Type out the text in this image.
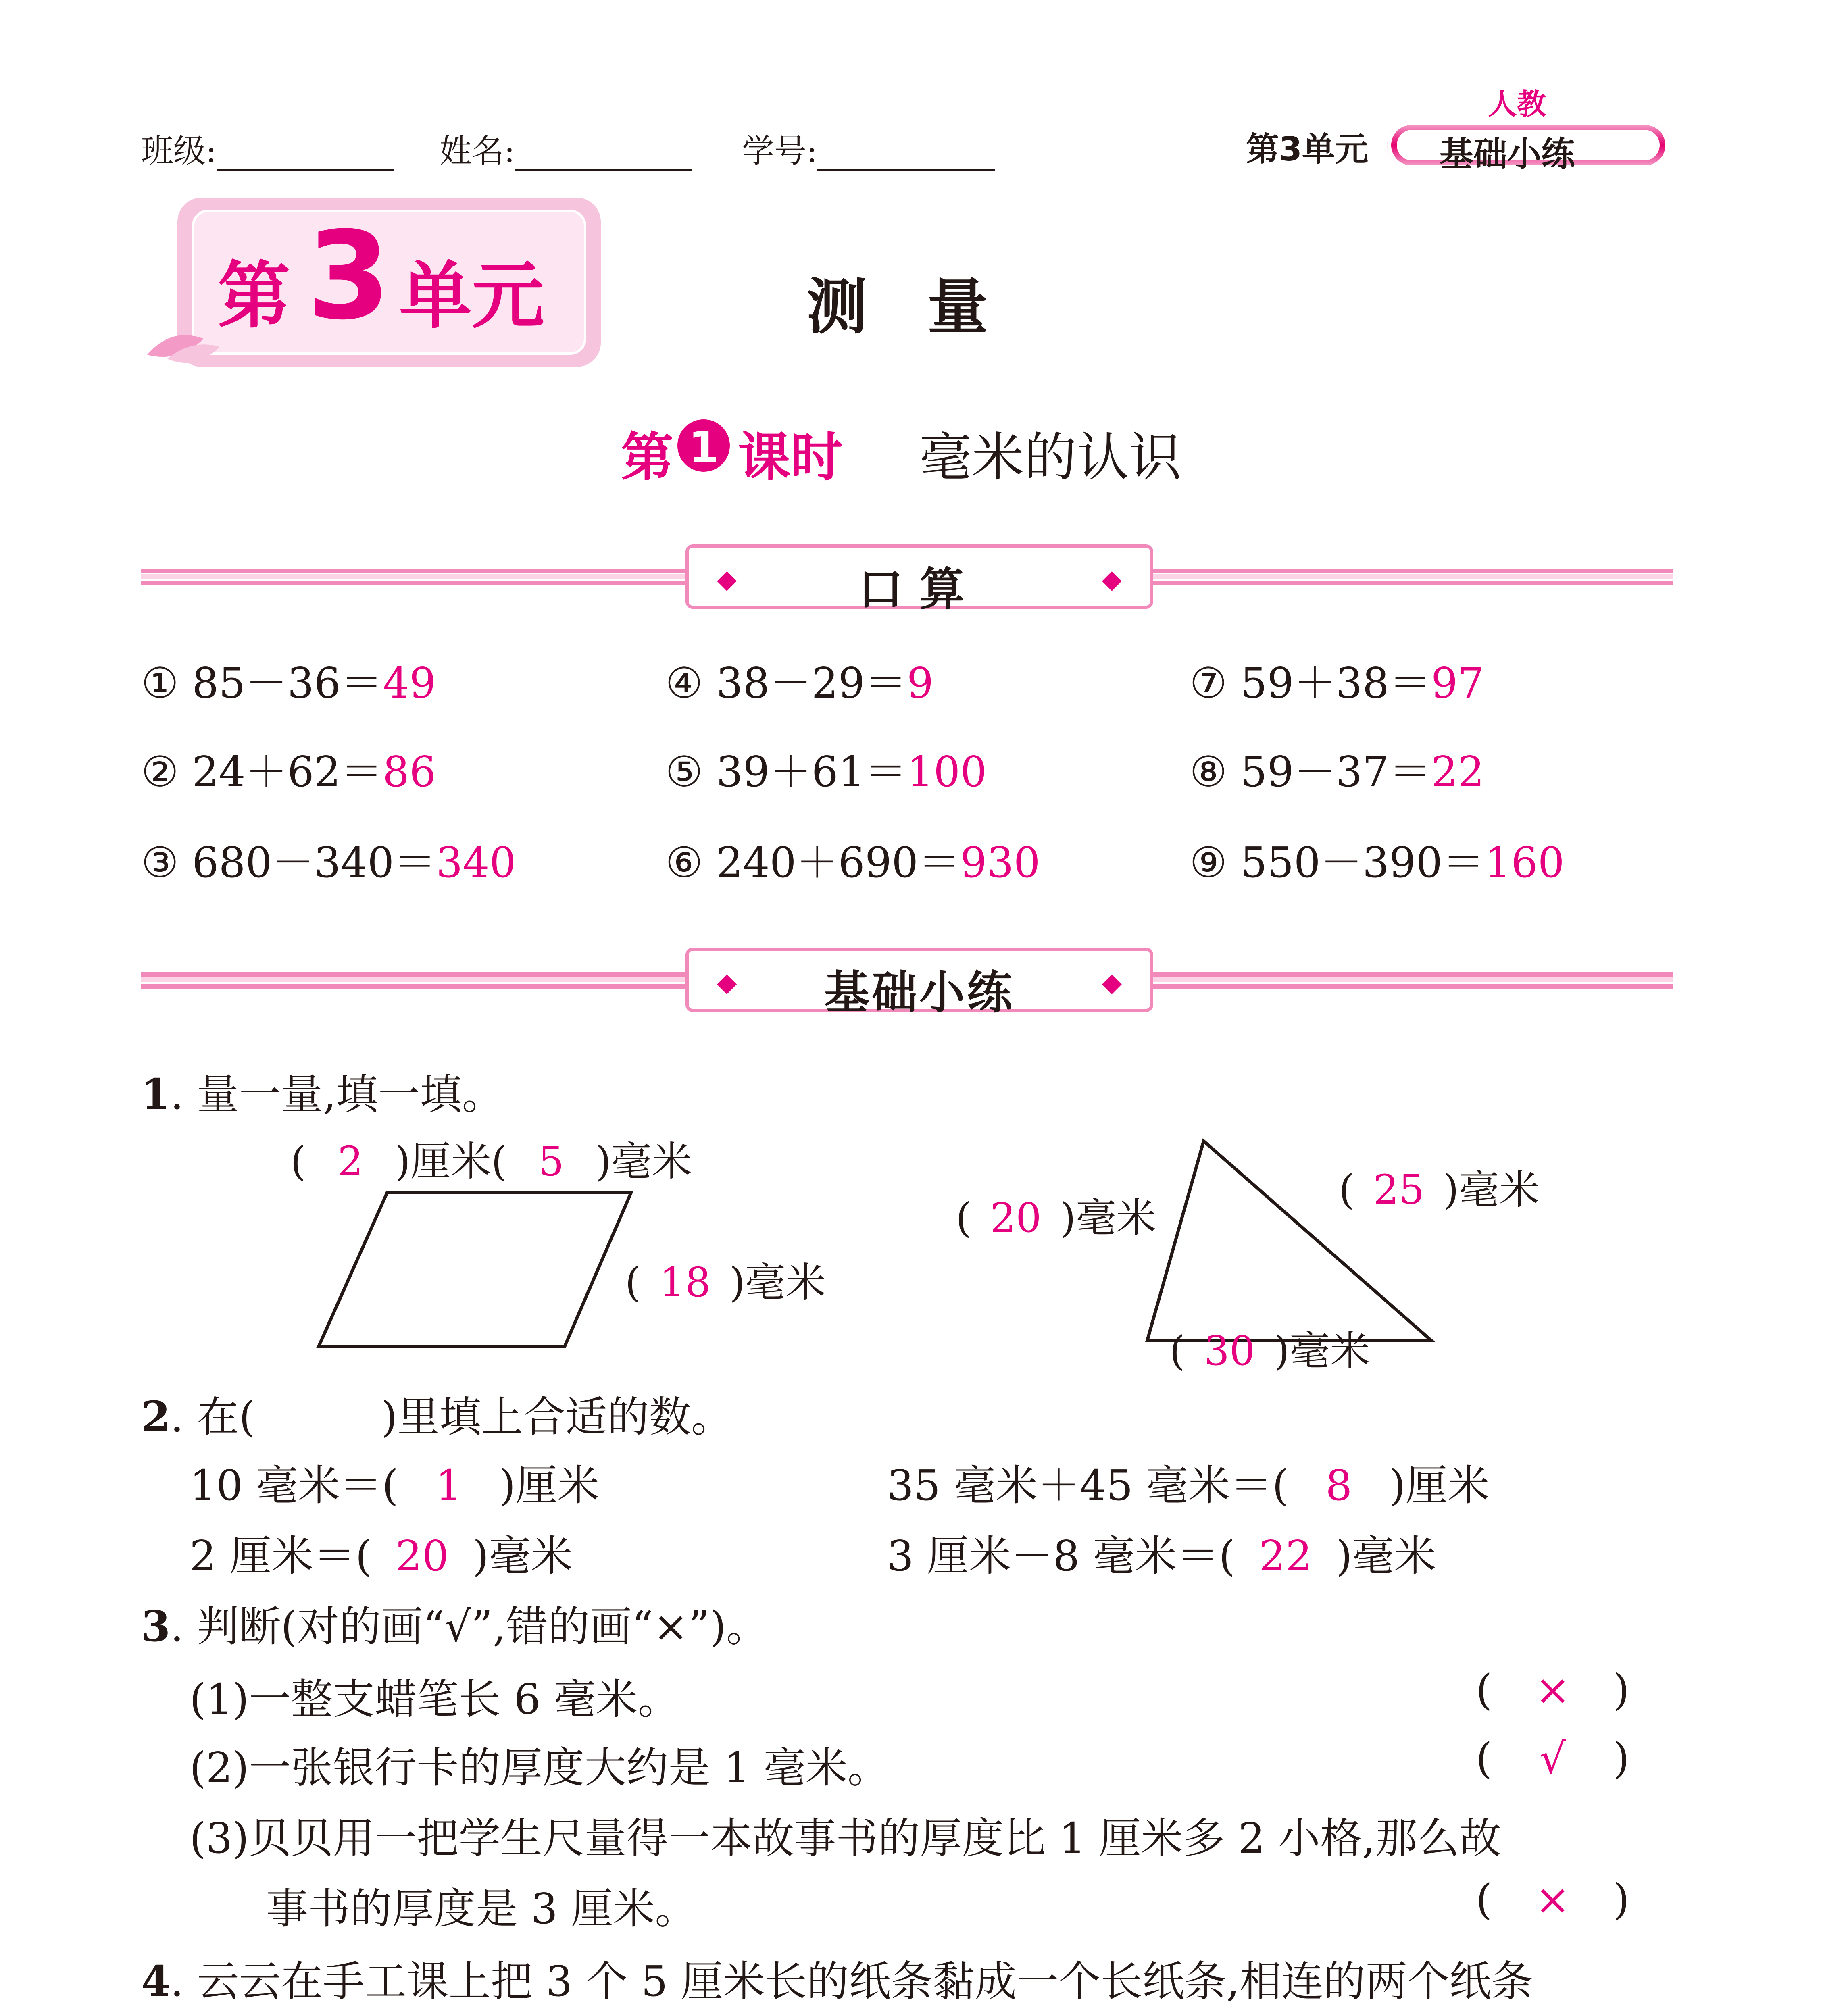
班级:	姓名:	学号:	第3单元
人教
基础小练
第 3 单元	测　量
第 1 课时 毫米的认识
◆	口算	◆
① 85－36＝49	④ 38－29＝9	⑦ 59＋38＝97
② 24＋62＝86	⑤ 39＋61＝100	⑧ 59－37＝22
③ 680－340＝340	⑥ 240＋690＝930	⑨ 550－390＝160
◆	基础小练	◆
1. 量一量,填一填。
( 2 )厘米( 5 )毫米
( 18 )毫米
( 20 )毫米
( 25 )毫米
( 30 )毫米
2. 在(　　　)里填上合适的数。
10 毫米＝( 1 )厘米	35 毫米＋45 毫米＝( 8 )厘米
2 厘米＝( 20 )毫米	3 厘米－8 毫米＝( 22 )毫米
3. 判断(对的画“√”,错的画“×”)。
(1)一整支蜡笔长 6 毫米。	( × )
(2)一张银行卡的厚度大约是 1 毫米。	( √ )
(3)贝贝用一把学生尺量得一本故事书的厚度比 1 厘米多 2 小格,那么故
事书的厚度是 3 厘米。	( × )
4. 云云在手工课上把 3 个 5 厘米长的纸条黏成一个长纸条,相连的两个纸条
